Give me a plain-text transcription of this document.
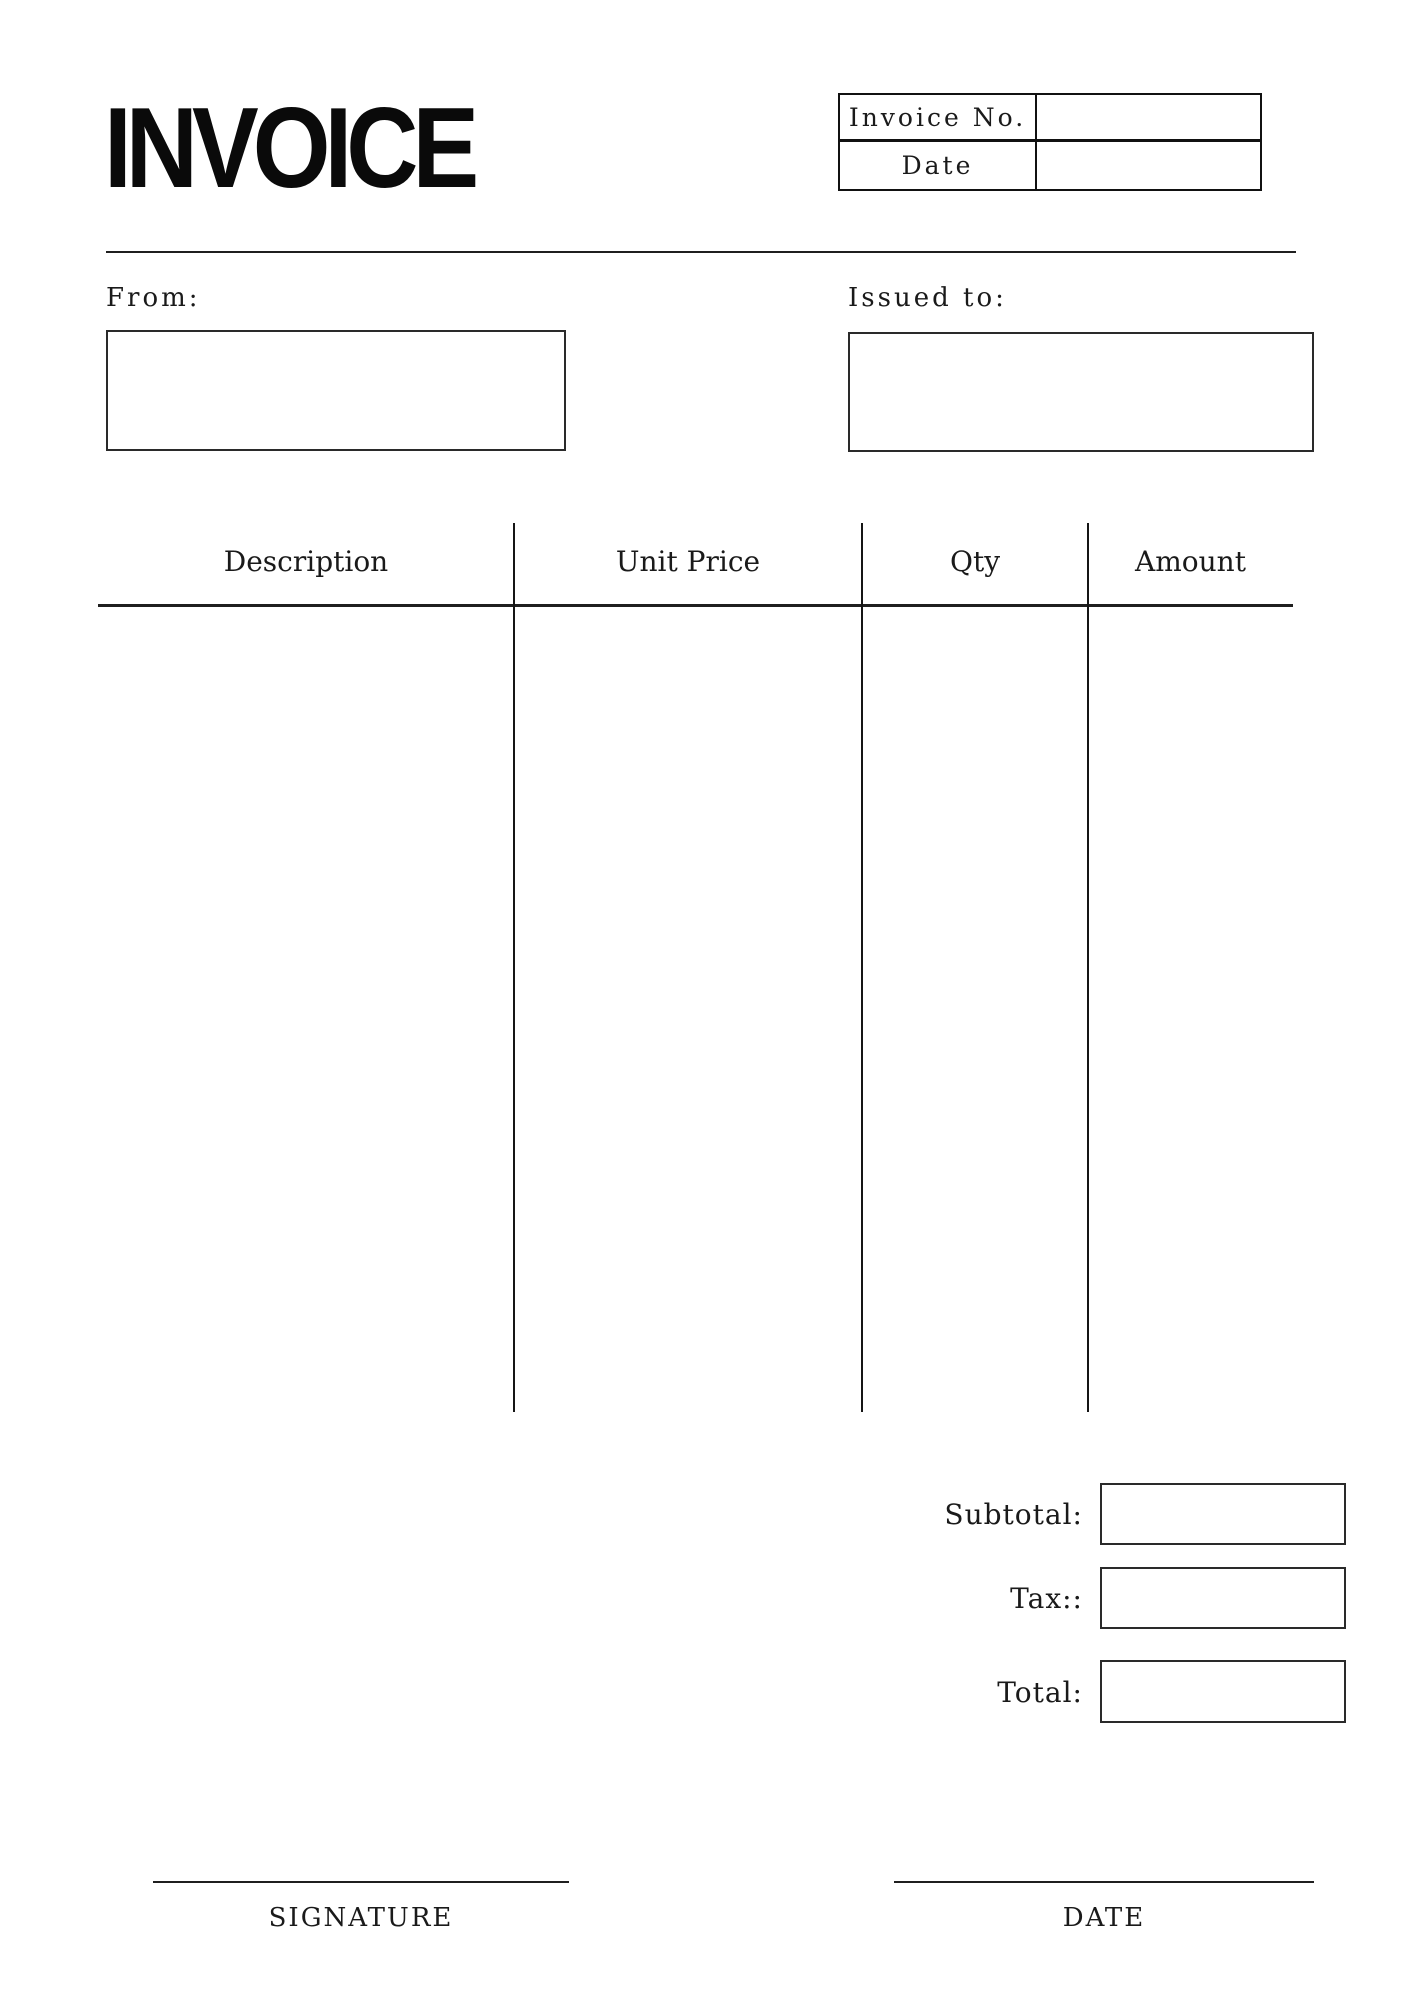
INVOICE	Invoice No.
Date
From:	Issued to:
Description	Unit Price	Qty	Amount
Subtotal:
Tax::
Total:
SIGNATURE	DATE
